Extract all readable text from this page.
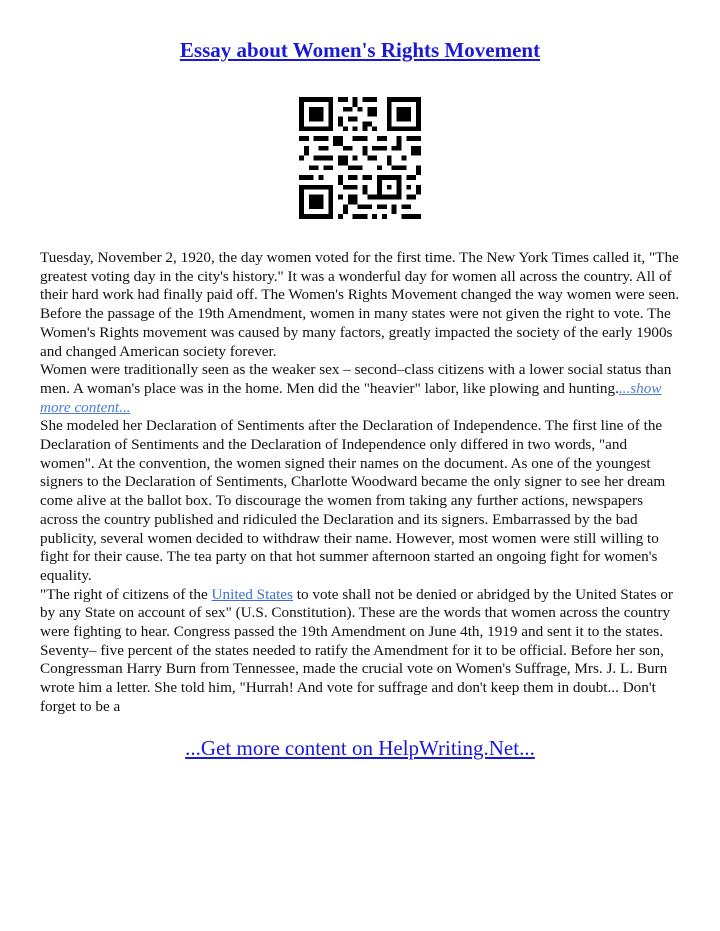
Essay about Women's Rights Movement

Tuesday, November 2, 1920, the day women voted for the first time. The New York Times called it, "The greatest voting day in the city's history." It was a wonderful day for women all across the country. All of their hard work had finally paid off. The Women's Rights Movement changed the way women were seen. Before the passage of the 19th Amendment, women in many states were not given the right to vote. The Women's Rights movement was caused by many factors, greatly impacted the society of the early 1900s and changed American society forever.

Women were traditionally seen as the weaker sex – second–class citizens with a lower social status than men. A woman's place was in the home. Men did the "heavier" labor, like plowing and hunting....show more content...

She modeled her Declaration of Sentiments after the Declaration of Independence. The first line of the Declaration of Sentiments and the Declaration of Independence only differed in two words, "and women". At the convention, the women signed their names on the document. As one of the youngest signers to the Declaration of Sentiments, Charlotte Woodward became the only signer to see her dream come alive at the ballot box. To discourage the women from taking any further actions, newspapers across the country published and ridiculed the Declaration and its signers. Embarrassed by the bad publicity, several women decided to withdraw their name. However, most women were still willing to fight for their cause. The tea party on that hot summer afternoon started an ongoing fight for women's equality.

"The right of citizens of the United States to vote shall not be denied or abridged by the United States or by any State on account of sex" (U.S. Constitution). These are the words that women across the country were fighting to hear. Congress passed the 19th Amendment on June 4th, 1919 and sent it to the states. Seventy– five percent of the states needed to ratify the Amendment for it to be official. Before her son, Congressman Harry Burn from Tennessee, made the crucial vote on Women's Suffrage, Mrs. J. L. Burn wrote him a letter. She told him, "Hurrah! And vote for suffrage and don't keep them in doubt... Don't forget to be a

...Get more content on HelpWriting.Net...
